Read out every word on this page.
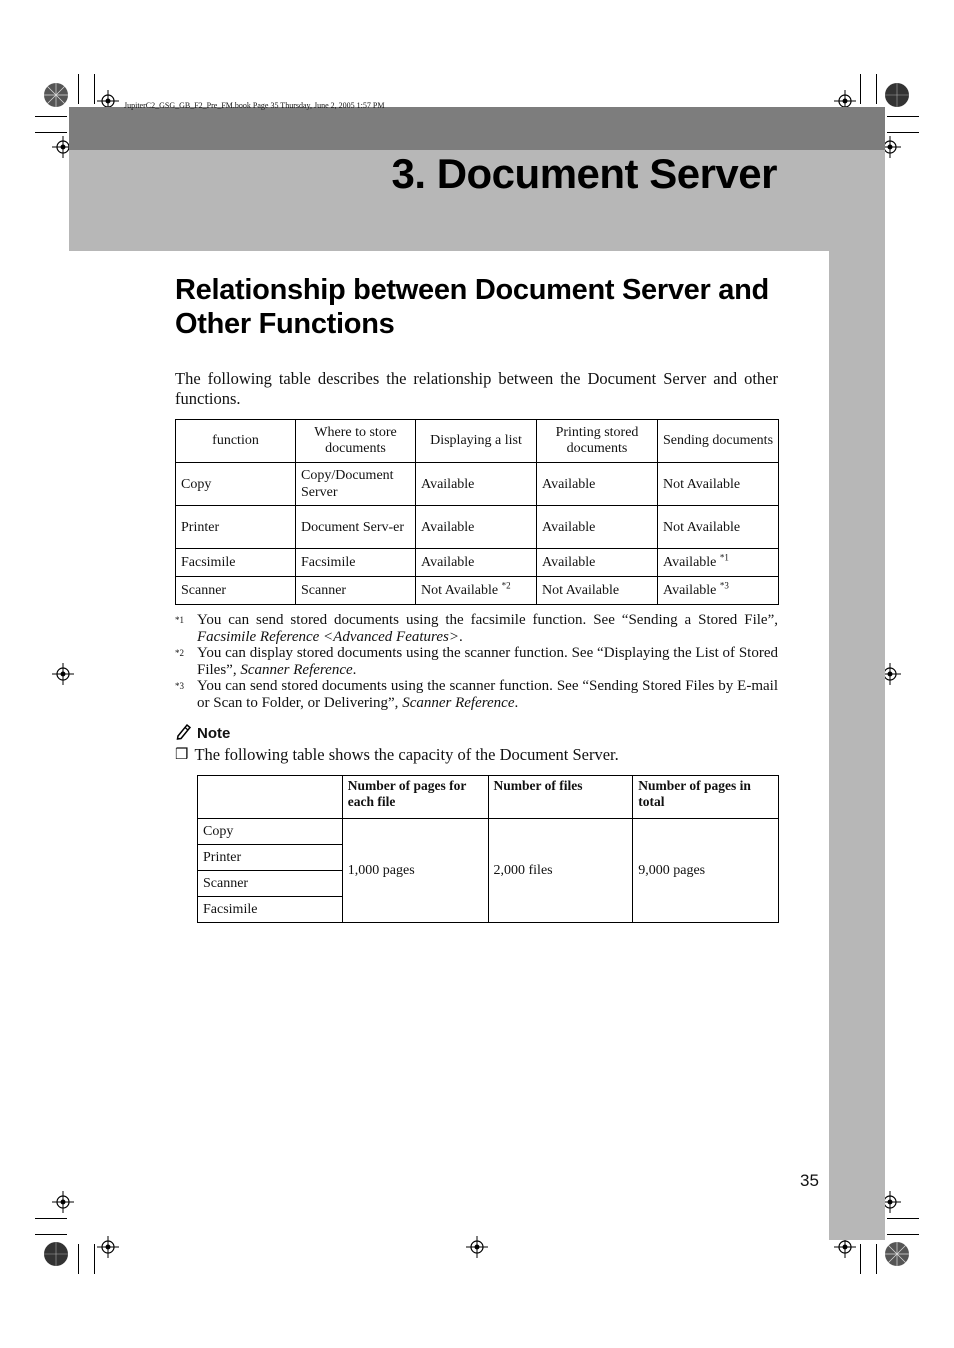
JupiterC2_GSG_GB_F2_Pre_FM.book Page 35 Thursday, June 2, 2005 1:57 PM
3. Document Server
Relationship between Document Server and Other Functions
The following table describes the relationship between the Document Server and other functions.
function	Where to store documents	Displaying a list	Printing stored documents	Sending documents
Copy	Copy/Document Server	Available	Available	Not Available
Printer	Document Serv-er	Available	Available	Not Available
Facsimile	Facsimile	Available	Available	Available $^{*1}$
Scanner	Scanner	Not Available $^{*2}$	Not Available	Available $^{*3}$
*1 You can send stored documents using the facsimile function. See “Sending a Stored File”, Facsimile Reference <Advanced Features>.
*2 You can display stored documents using the scanner function. See “Displaying the List of Stored Files”, Scanner Reference.
*3 You can send stored documents using the scanner function. See “Sending Stored Files by E-mail or Scan to Folder, or Delivering”, Scanner Reference.
Note
❒ The following table shows the capacity of the Document Server.
	Number of pages for each file	Number of files	Number of pages in total
Copy	1,000 pages	2,000 files	9,000 pages
Printer			
Scanner			
Facsimile			
35
